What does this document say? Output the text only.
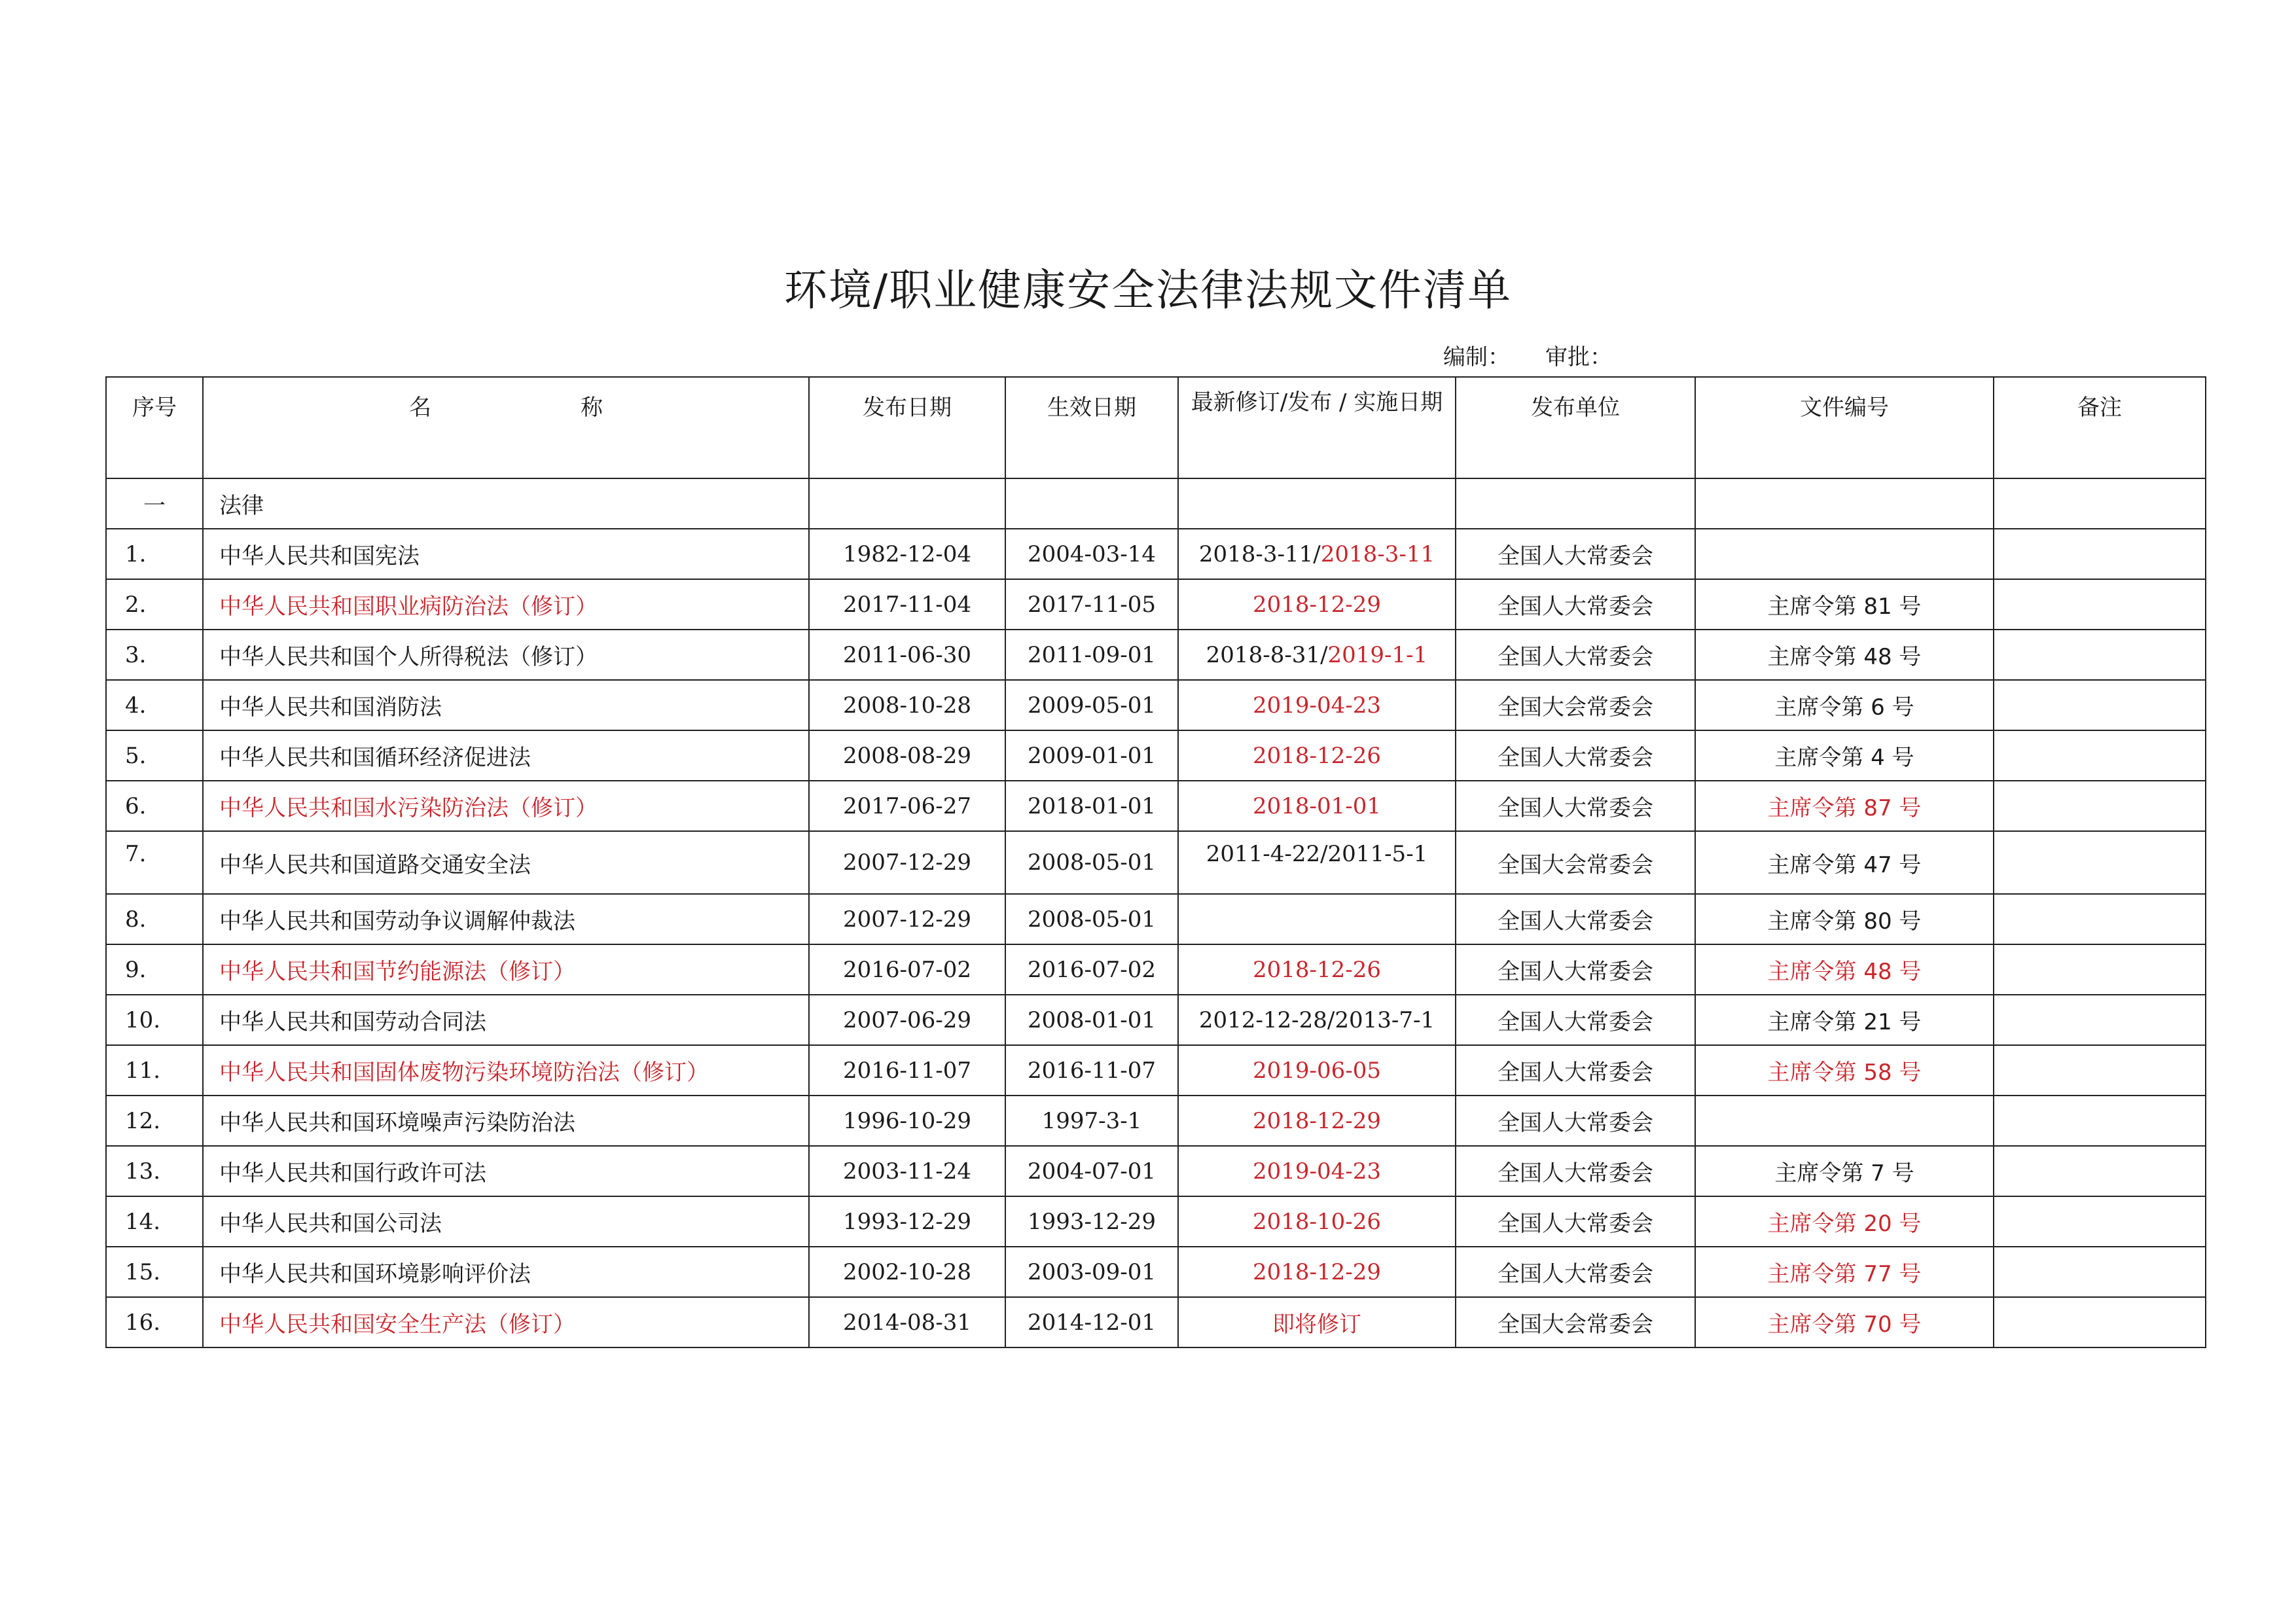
环境/职业健康安全法律法规文件清单
编制： 审批：
序号	名 称	发布日期	生效日期	最新修订/发布 / 实施日期	发布单位	文件编号	备注
一	法律						
1.	中华人民共和国宪法	1982-12-04	2004-03-14	2018-3-11/2018-3-11	全国人大常委会		
2.	中华人民共和国职业病防治法（修订）	2017-11-04	2017-11-05	2018-12-29	全国人大常委会	主席令第 81 号	
3.	中华人民共和国个人所得税法（修订）	2011-06-30	2011-09-01	2018-8-31/2019-1-1	全国人大常委会	主席令第 48 号	
4.	中华人民共和国消防法	2008-10-28	2009-05-01	2019-04-23	全国大会常委会	主席令第 6 号	
5.	中华人民共和国循环经济促进法	2008-08-29	2009-01-01	2018-12-26	全国人大常委会	主席令第 4 号	
6.	中华人民共和国水污染防治法（修订）	2017-06-27	2018-01-01	2018-01-01	全国人大常委会	主席令第 87 号	
7.	中华人民共和国道路交通安全法	2007-12-29	2008-05-01	2011-4-22/2011-5-1	全国大会常委会	主席令第 47 号	
8.	中华人民共和国劳动争议调解仲裁法	2007-12-29	2008-05-01		全国人大常委会	主席令第 80 号	
9.	中华人民共和国节约能源法（修订）	2016-07-02	2016-07-02	2018-12-26	全国人大常委会	主席令第 48 号	
10.	中华人民共和国劳动合同法	2007-06-29	2008-01-01	2012-12-28/2013-7-1	全国人大常委会	主席令第 21 号	
11.	中华人民共和国固体废物污染环境防治法（修订）	2016-11-07	2016-11-07	2019-06-05	全国人大常委会	主席令第 58 号	
12.	中华人民共和国环境噪声污染防治法	1996-10-29	1997-3-1	2018-12-29	全国人大常委会		
13.	中华人民共和国行政许可法	2003-11-24	2004-07-01	2019-04-23	全国人大常委会	主席令第 7 号	
14.	中华人民共和国公司法	1993-12-29	1993-12-29	2018-10-26	全国人大常委会	主席令第 20 号	
15.	中华人民共和国环境影响评价法	2002-10-28	2003-09-01	2018-12-29	全国人大常委会	主席令第 77 号	
16.	中华人民共和国安全生产法（修订）	2014-08-31	2014-12-01	即将修订	全国大会常委会	主席令第 70 号	
